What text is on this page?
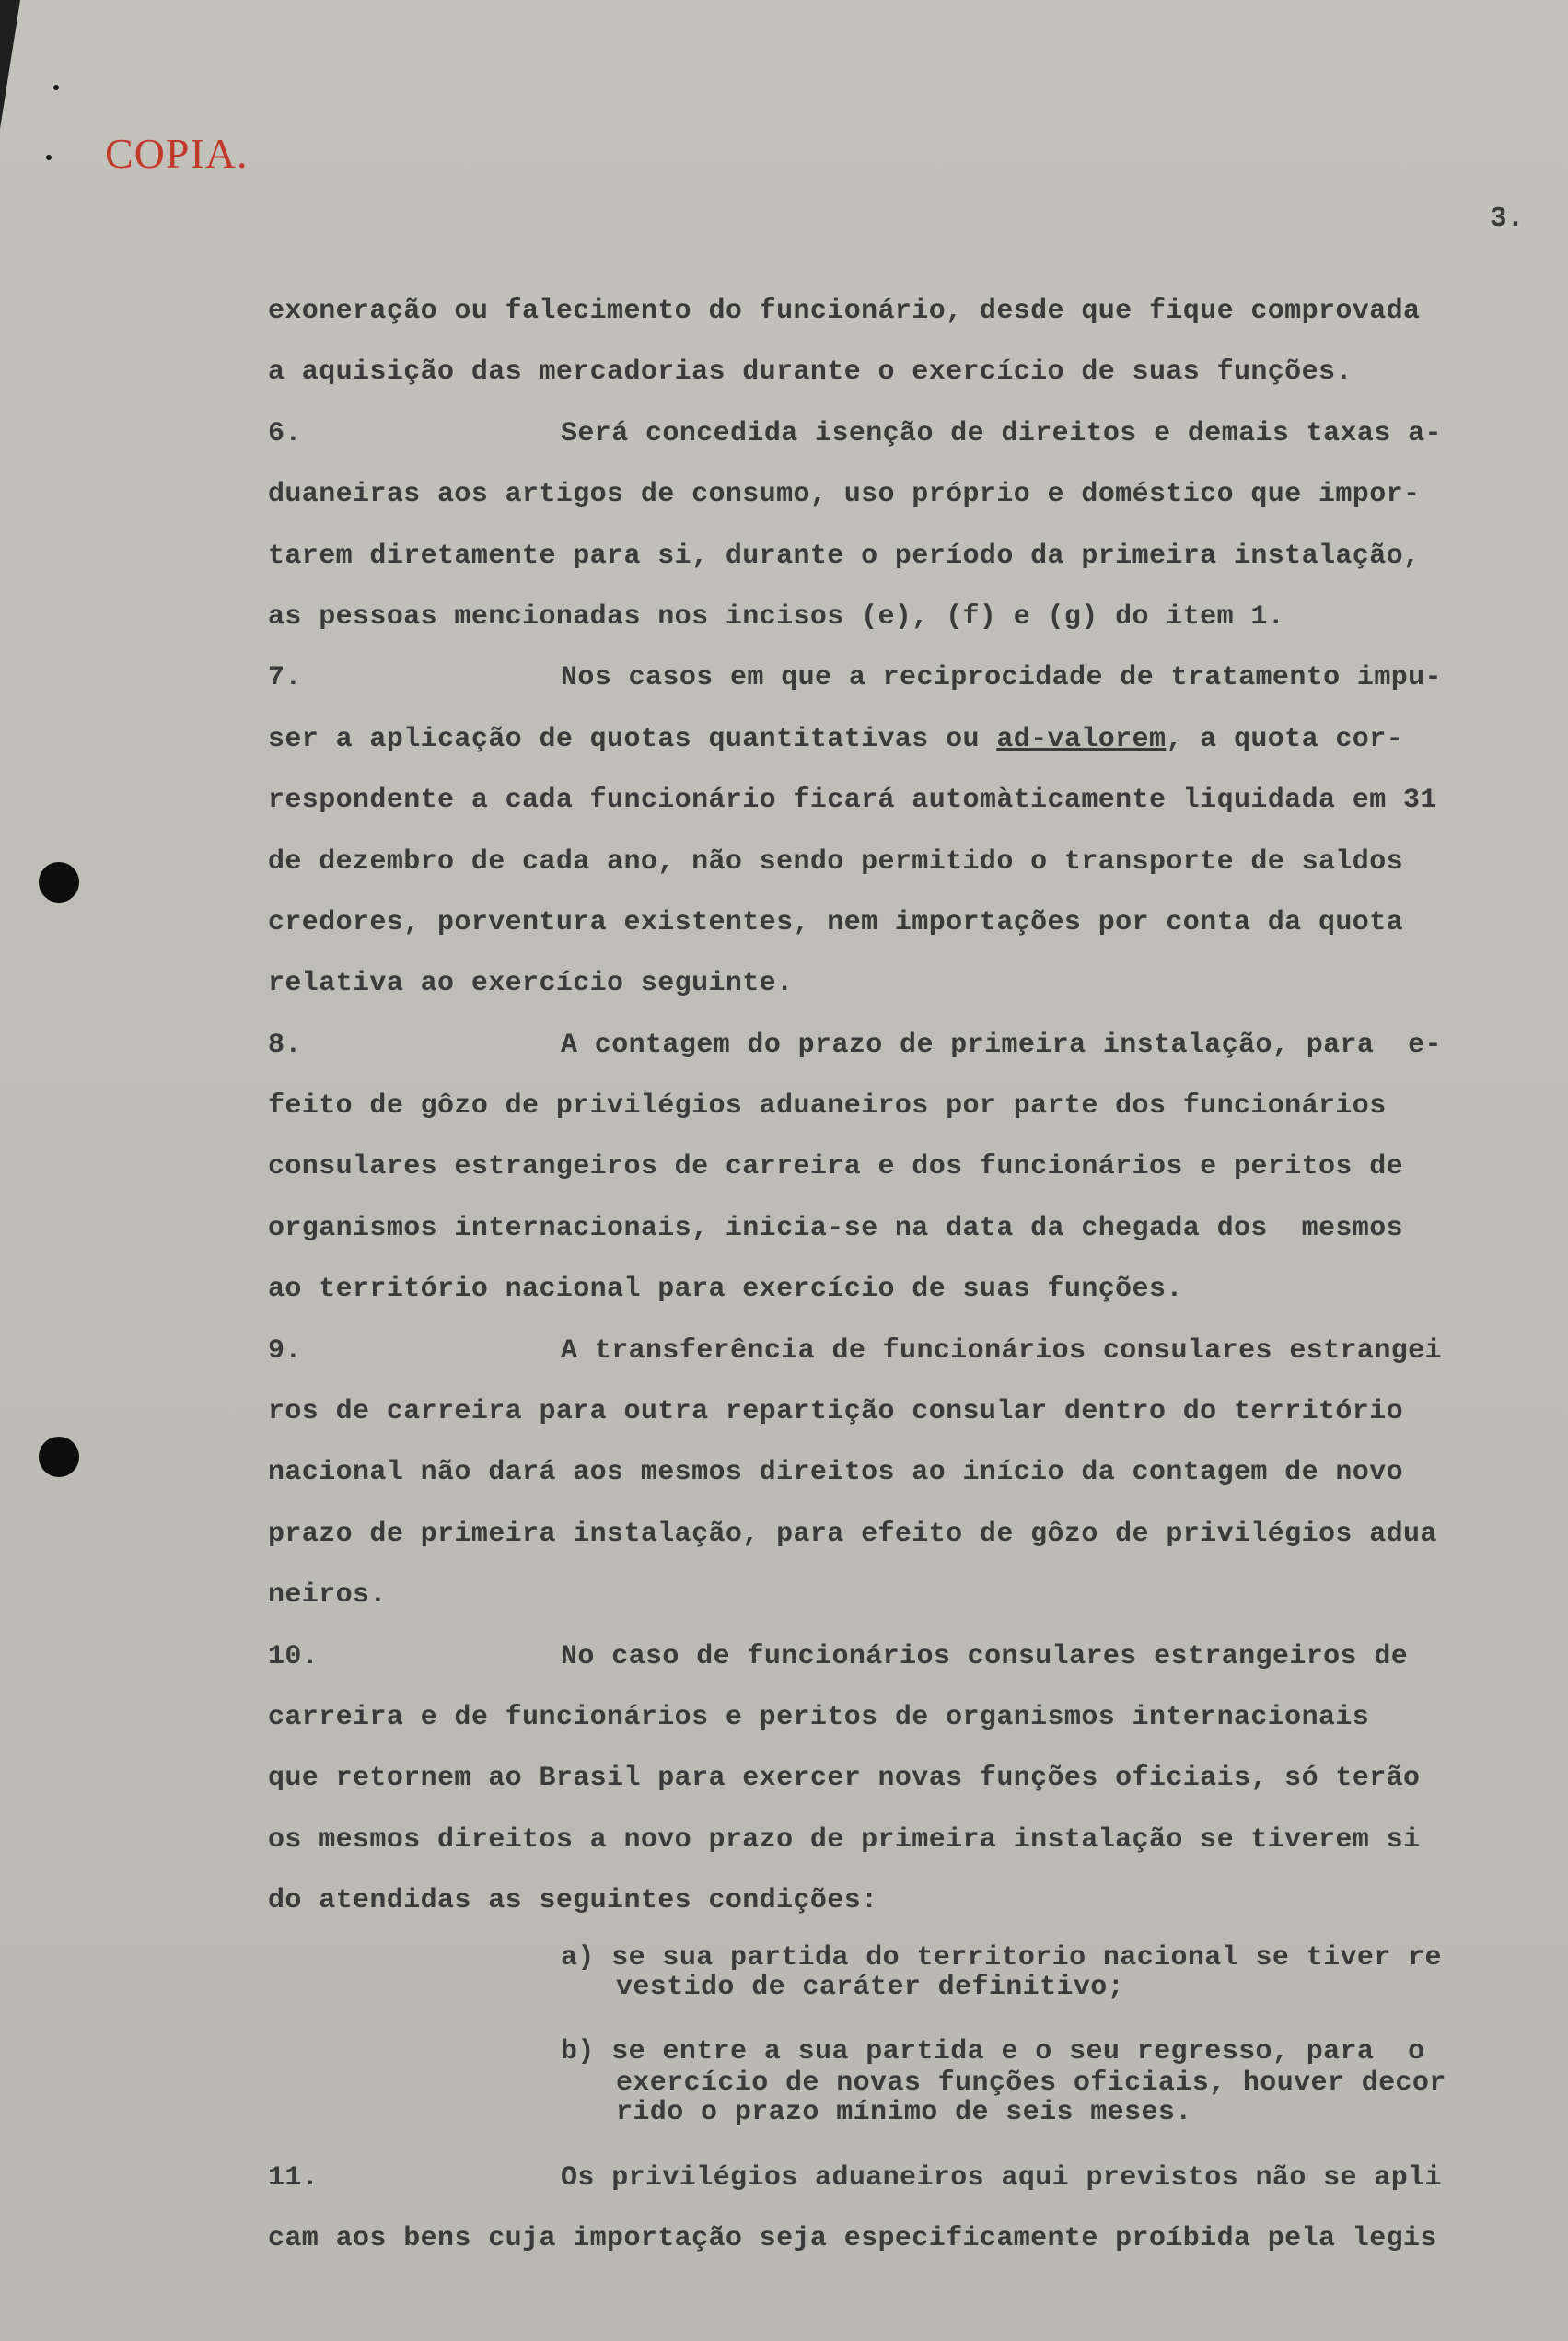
COPIA.
3.
exoneração ou falecimento do funcionário, desde que fique comprovada
a aquisição das mercadorias durante o exercício de suas funções.
6.	Será concedida isenção de direitos e demais taxas a-
duaneiras aos artigos de consumo, uso próprio e doméstico que impor-
tarem diretamente para si, durante o período da primeira instalação,
as pessoas mencionadas nos incisos (e), (f) e (g) do item 1.
7.	Nos casos em que a reciprocidade de tratamento impu-
ser a aplicação de quotas quantitativas ou ad-valorem, a quota cor-
respondente a cada funcionário ficará automàticamente liquidada em 31
de dezembro de cada ano, não sendo permitido o transporte de saldos
credores, porventura existentes, nem importações por conta da quota
relativa ao exercício seguinte.
8.	A contagem do prazo de primeira instalação, para  e-
feito de gôzo de privilégios aduaneiros por parte dos funcionários
consulares estrangeiros de carreira e dos funcionários e peritos de
organismos internacionais, inicia-se na data da chegada dos  mesmos
ao território nacional para exercício de suas funções.
9.	A transferência de funcionários consulares estrangei
ros de carreira para outra repartição consular dentro do território
nacional não dará aos mesmos direitos ao início da contagem de novo
prazo de primeira instalação, para efeito de gôzo de privilégios adua
neiros.
10.	No caso de funcionários consulares estrangeiros de
carreira e de funcionários e peritos de organismos internacionais
que retornem ao Brasil para exercer novas funções oficiais, só terão
os mesmos direitos a novo prazo de primeira instalação se tiverem si
do atendidas as seguintes condições:
a) se sua partida do territorio nacional se tiver re
vestido de caráter definitivo;
b) se entre a sua partida e o seu regresso, para  o
exercício de novas funções oficiais, houver decor
rido o prazo mínimo de seis meses.
11.	Os privilégios aduaneiros aqui previstos não se apli
cam aos bens cuja importação seja especificamente proíbida pela legis
